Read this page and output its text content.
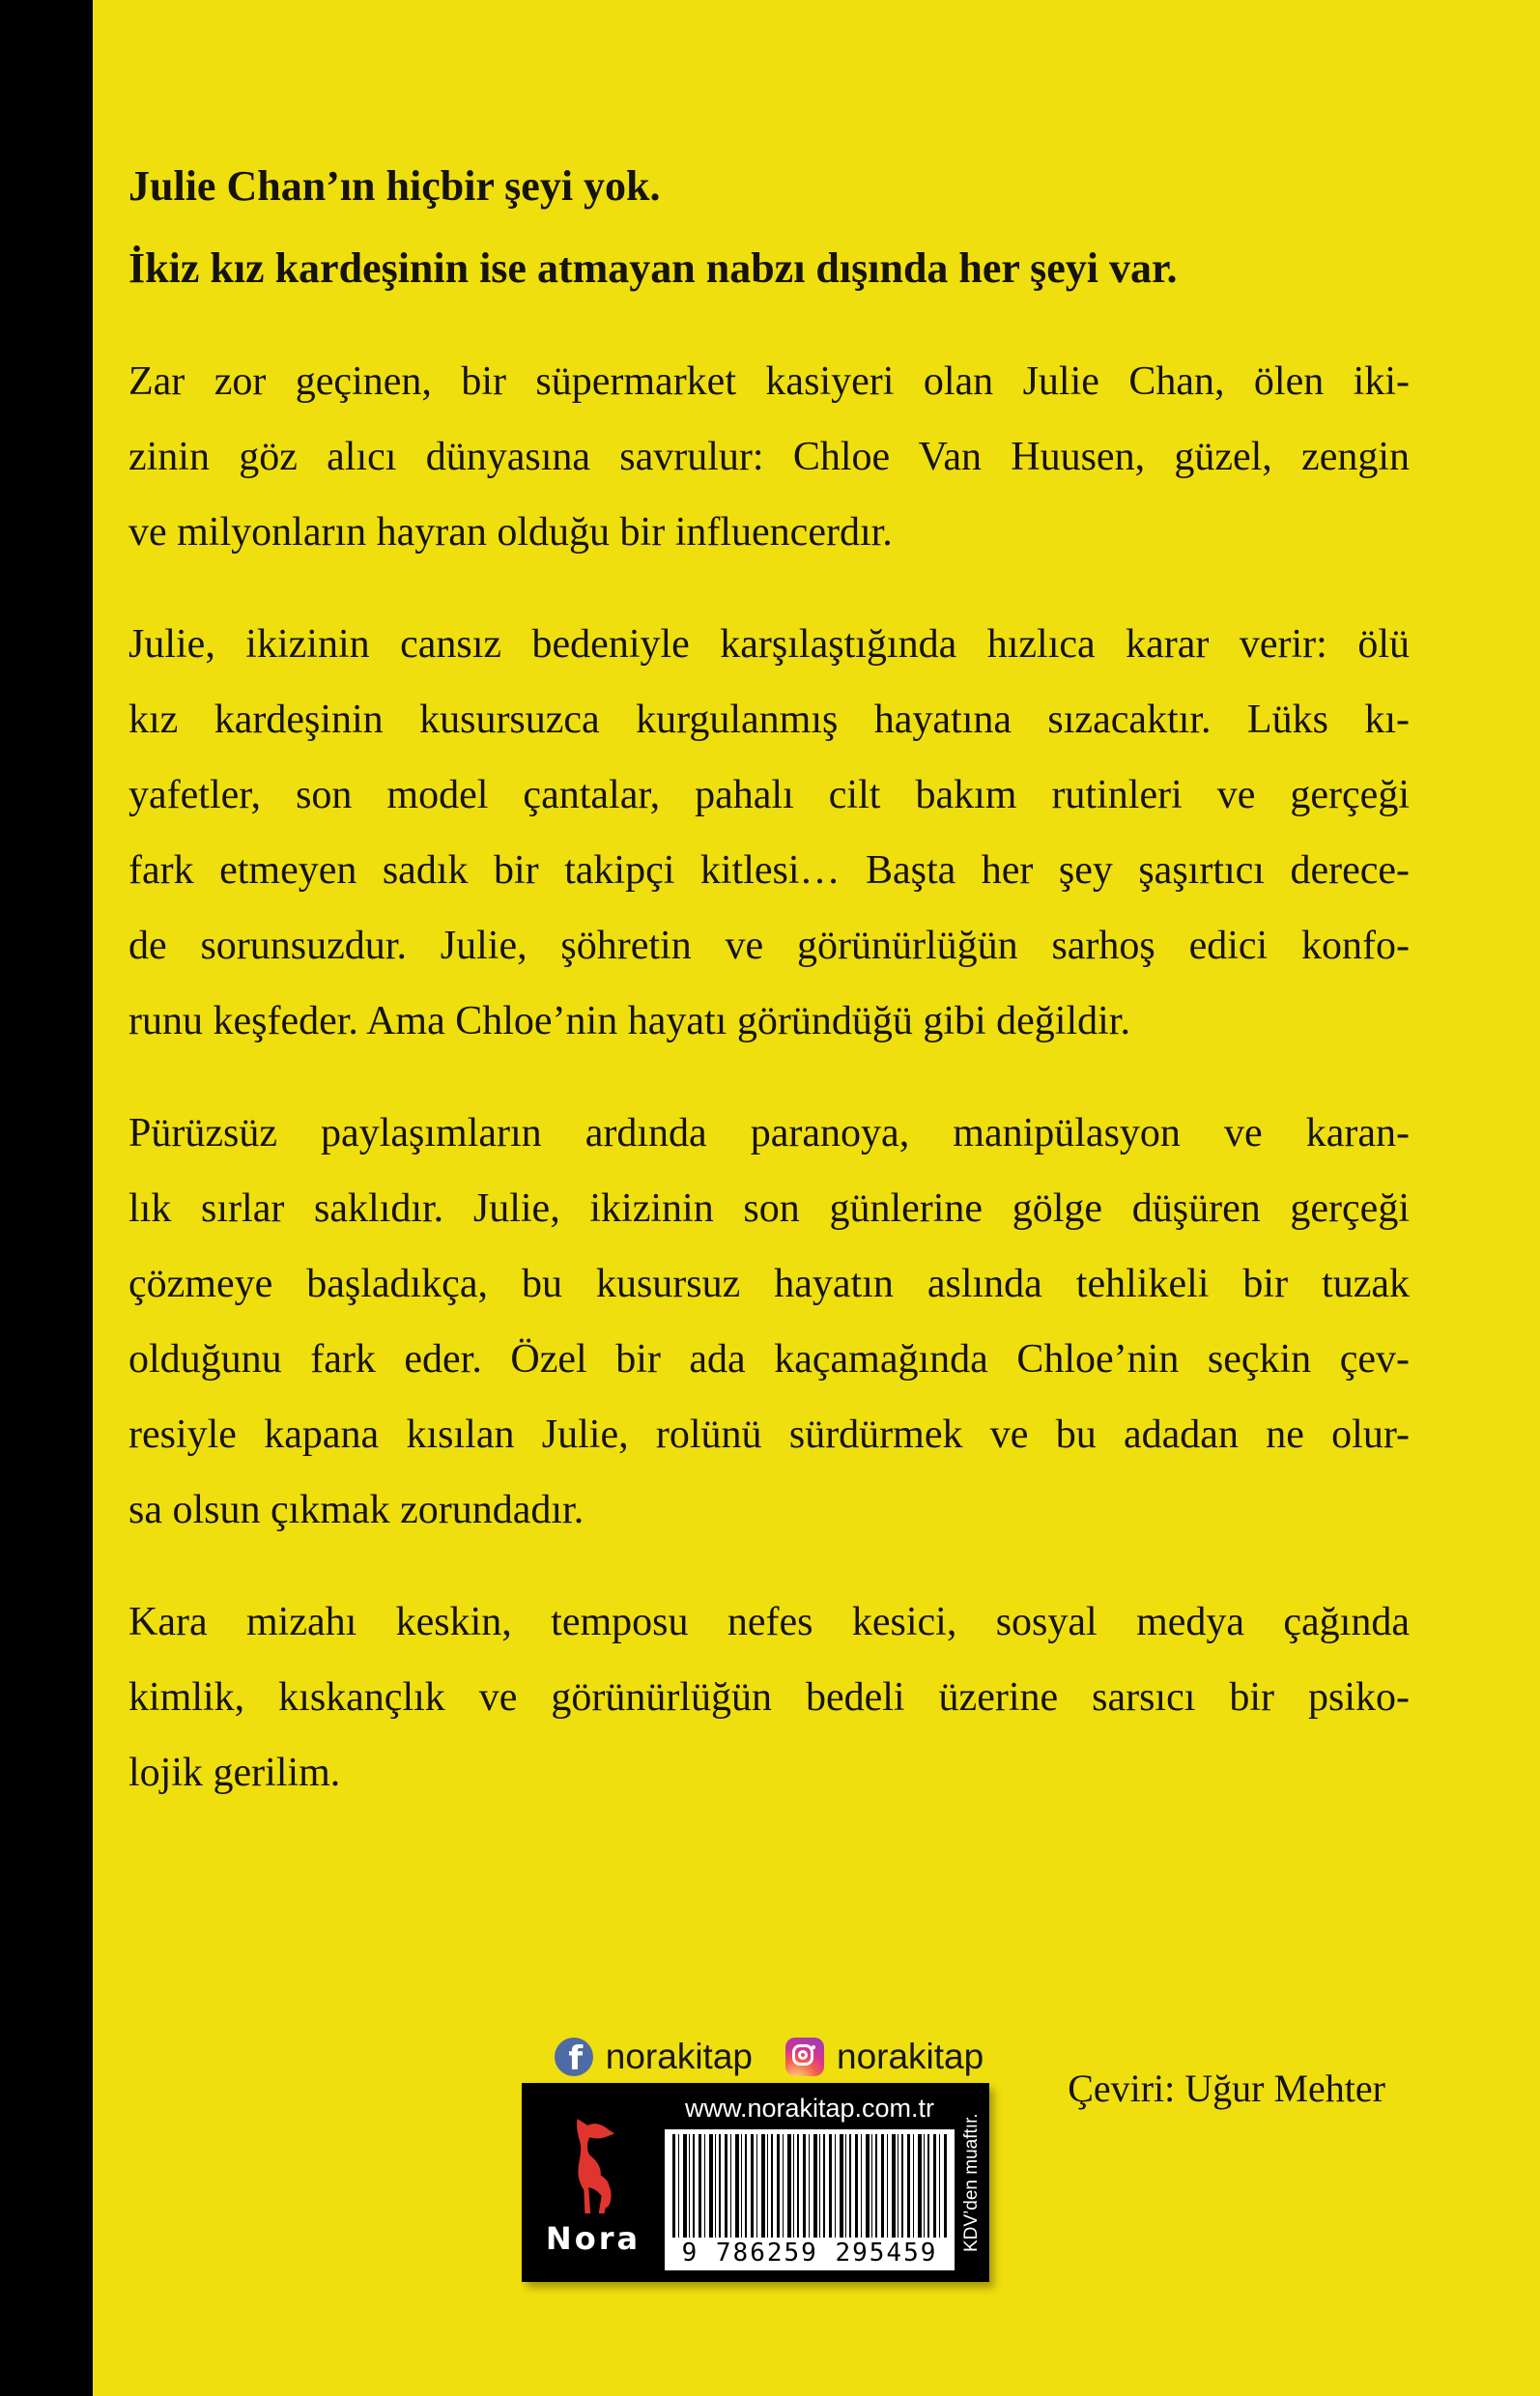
Julie Chan’ın hiçbir şeyi yok.
İkiz kız kardeşinin ise atmayan nabzı dışında her şeyi var.
Zar zor geçinen, bir süpermarket kasiyeri olan Julie Chan, ölen iki-
zinin göz alıcı dünyasına savrulur: Chloe Van Huusen, güzel, zengin
ve milyonların hayran olduğu bir influencerdır.
Julie, ikizinin cansız bedeniyle karşılaştığında hızlıca karar verir: ölü
kız kardeşinin kusursuzca kurgulanmış hayatına sızacaktır. Lüks kı-
yafetler, son model çantalar, pahalı cilt bakım rutinleri ve gerçeği
fark etmeyen sadık bir takipçi kitlesi… Başta her şey şaşırtıcı derece-
de sorunsuzdur. Julie, şöhretin ve görünürlüğün sarhoş edici konfo-
runu keşfeder. Ama Chloe’nin hayatı göründüğü gibi değildir.
Pürüzsüz paylaşımların ardında paranoya, manipülasyon ve karan-
lık sırlar saklıdır. Julie, ikizinin son günlerine gölge düşüren gerçeği
çözmeye başladıkça, bu kusursuz hayatın aslında tehlikeli bir tuzak
olduğunu fark eder. Özel bir ada kaçamağında Chloe’nin seçkin çev-
resiyle kapana kısılan Julie, rolünü sürdürmek ve bu adadan ne olur-
sa olsun çıkmak zorundadır.
Kara mizahı keskin, temposu nefes kesici, sosyal medya çağında
kimlik, kıskançlık ve görünürlüğün bedeli üzerine sarsıcı bir psiko-
lojik gerilim.
f norakitap norakitap
Çeviri: Uğur Mehter
Nora
www.norakitap.com.tr
9 786259 295459
KDV’den muaftır.
